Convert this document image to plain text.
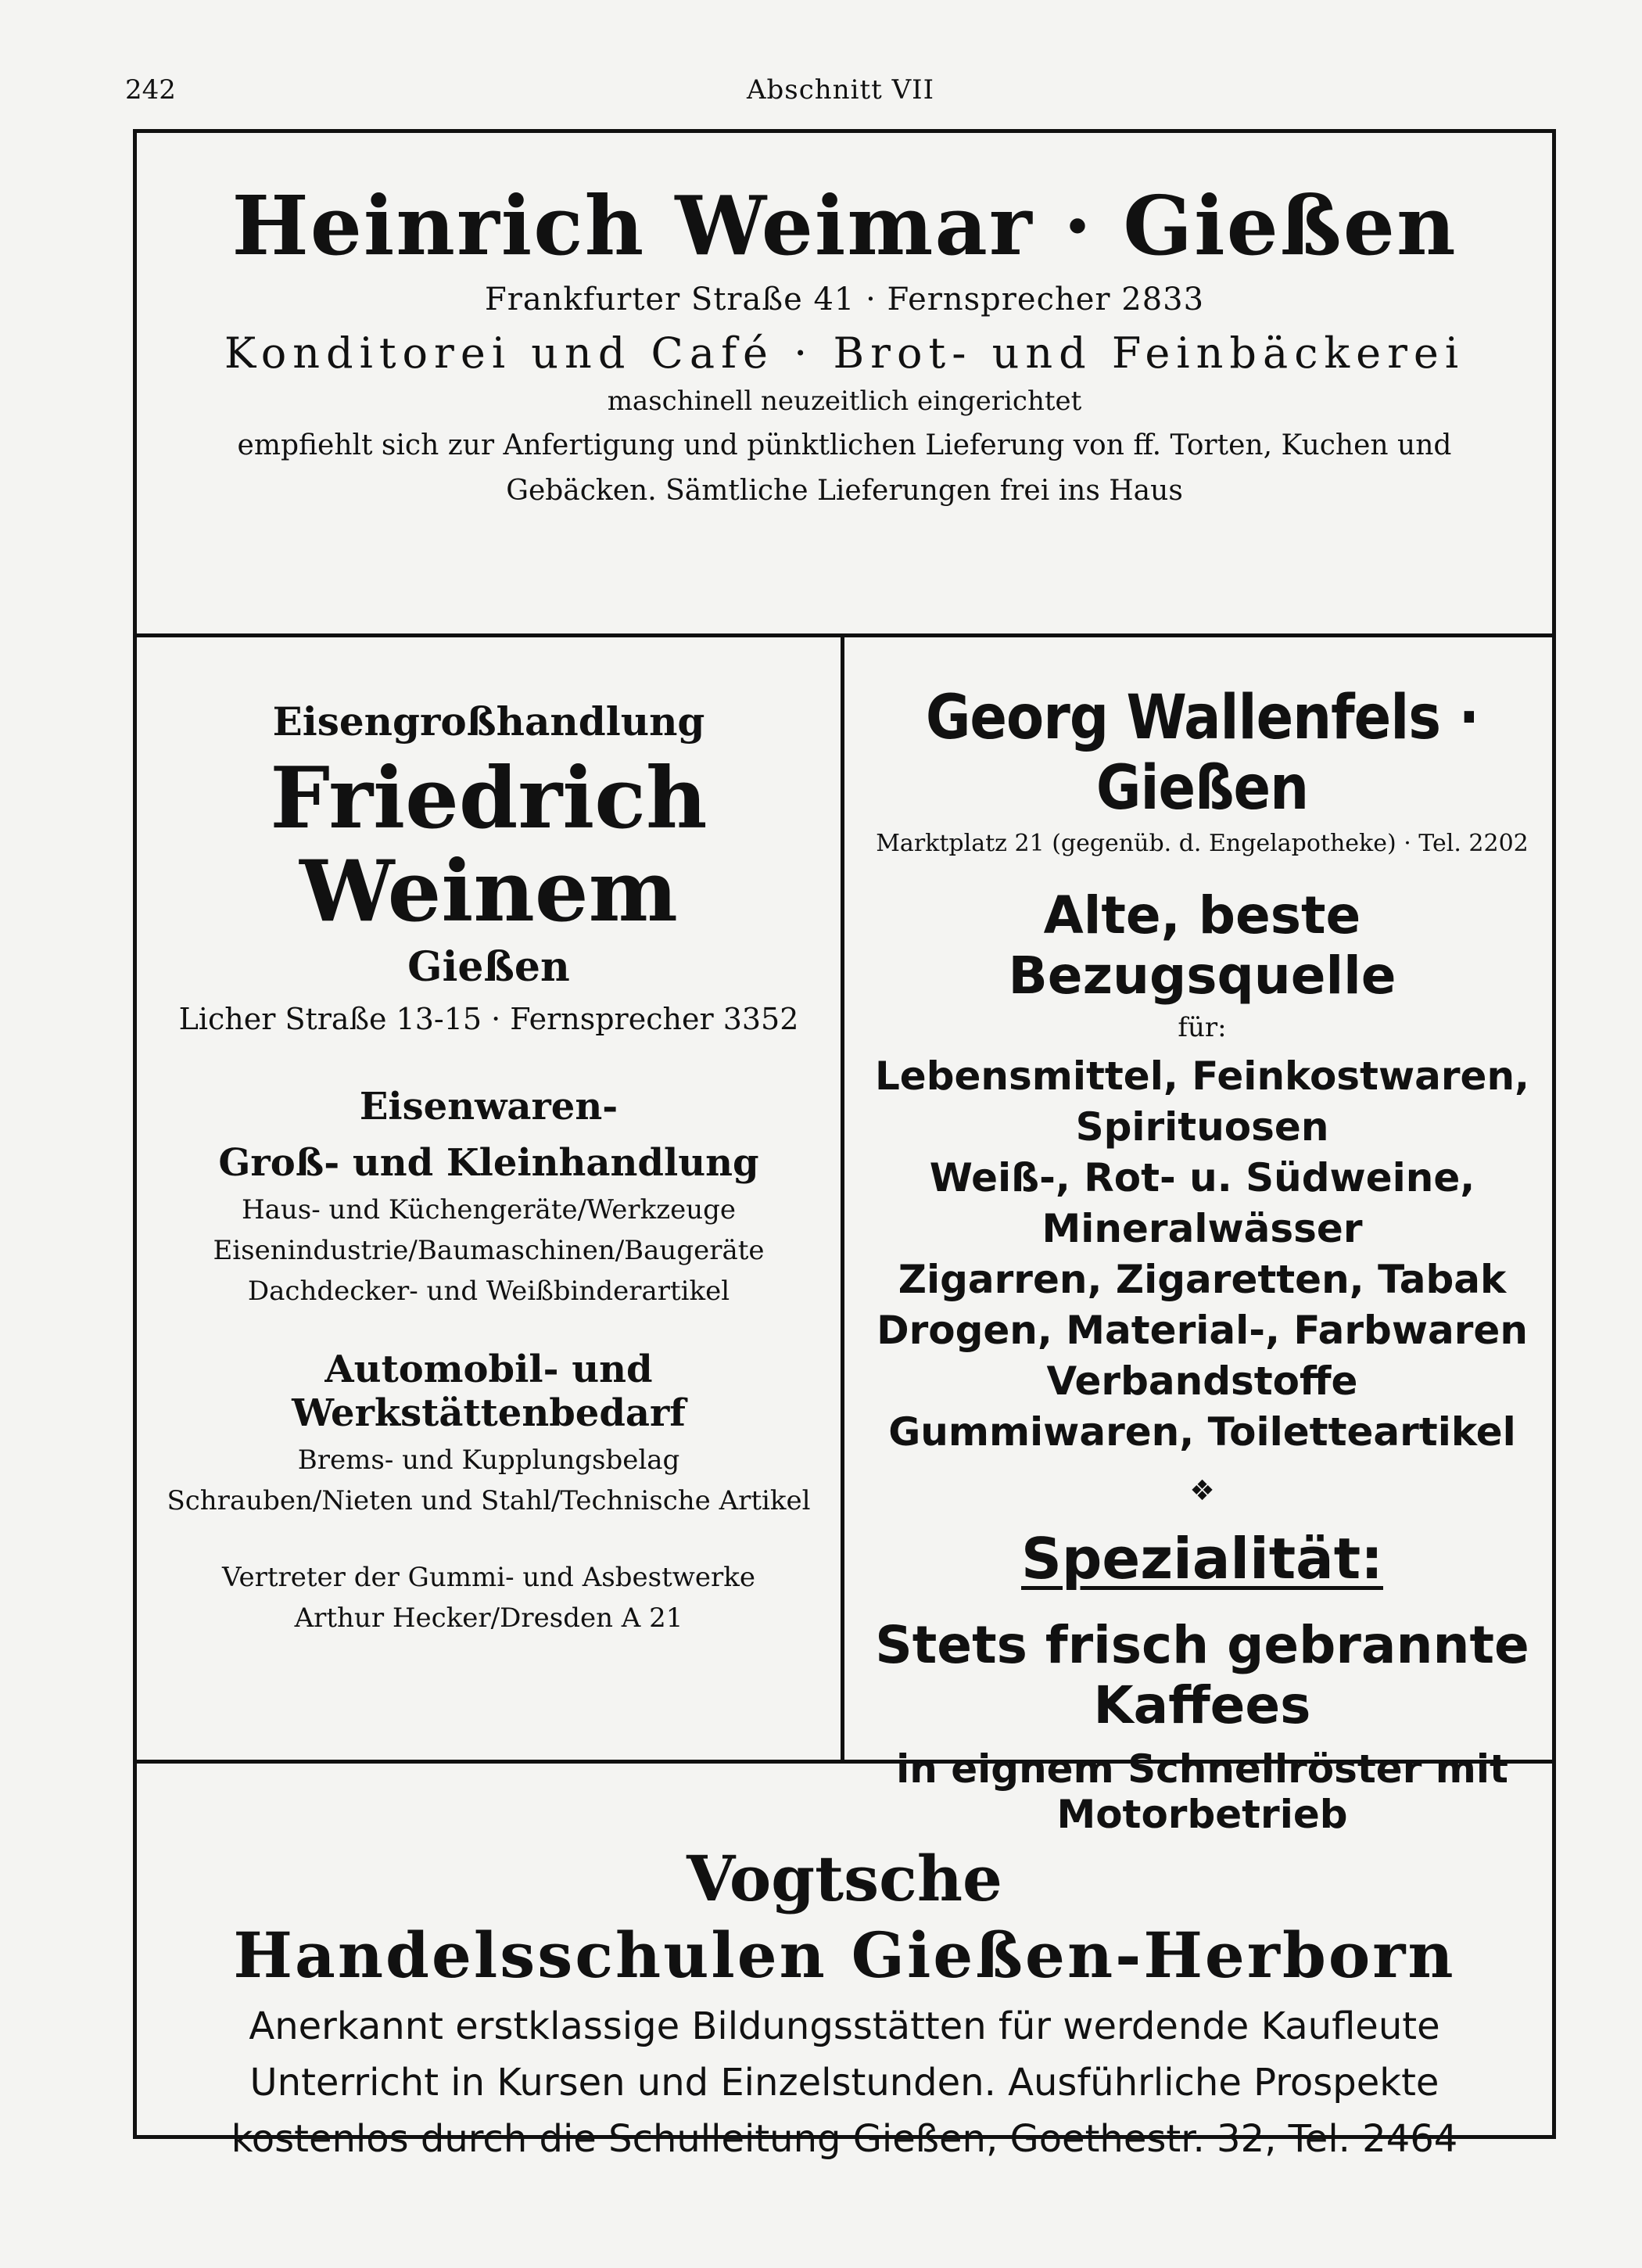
242	Abschnitt VII
Heinrich Weimar · Gießen
Frankfurter Straße 41 · Fernsprecher 2833
Konditorei und Café · Brot- und Feinbäckerei
maschinell neuzeitlich eingerichtet
empfiehlt sich zur Anfertigung und pünktlichen Lieferung von ff. Torten, Kuchen und Gebäcken. Sämtliche Lieferungen frei ins Haus
Eisengroßhandlung
Friedrich Weinem
Gießen
Licher Straße 13-15 · Fernsprecher 3352
Eisenwaren-
Groß- und Kleinhandlung
Haus- und Küchengeräte/Werkzeuge
Eisenindustrie/Baumaschinen/Baugeräte
Dachdecker- und Weißbinderartikel
Automobil- und Werkstättenbedarf
Brems- und Kupplungsbelag
Schrauben/Nieten und Stahl/Technische Artikel
Vertreter der Gummi- und Asbestwerke
Arthur Hecker/Dresden A 21
Georg Wallenfels · Gießen
Marktplatz 21 (gegenüb. d. Engelapotheke) · Tel. 2202
Alte, beste Bezugsquelle
für:
Lebensmittel, Feinkostwaren, Spirituosen
Weiß-, Rot- u. Südweine, Mineralwässer
Zigarren, Zigaretten, Tabak
Drogen, Material-, Farbwaren
Verbandstoffe
Gummiwaren, Toiletteartikel
❖
Spezialität:
Stets frisch gebrannte Kaffees
in eignem Schnellröster mit Motorbetrieb
Vogtsche
Handelsschulen Gießen-Herborn
Anerkannt erstklassige Bildungsstätten für werdende Kaufleute
Unterricht in Kursen und Einzelstunden. Ausführliche Prospekte
kostenlos durch die Schulleitung Gießen, Goethestr. 32, Tel. 2464
